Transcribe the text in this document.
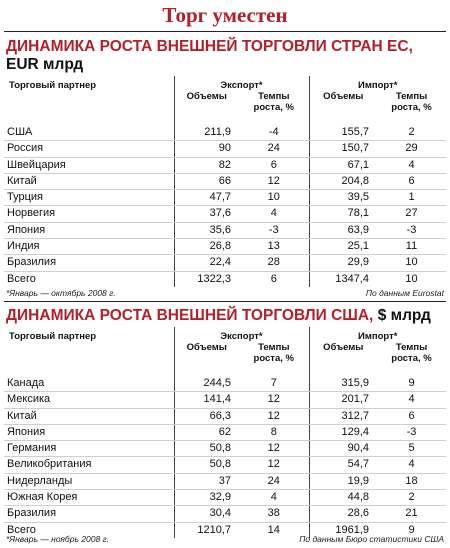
Торг уместен
ДИНАМИКА РОСТА ВНЕШНЕЙ ТОРГОВЛИ СТРАН ЕС,
EUR млрд
Торговый партнер	Экспорт*		Импорт*	
	Объемы	Темпы
роста, %	Объемы	Темпы
роста, %

США	211,9	-4	155,7	2
Россия	90	24	150,7	29
Швейцария	82	6	67,1	4
Китай	66	12	204,8	6
Турция	47,7	10	39,5	1
Норвегия	37,6	4	78,1	27
Япония	35,6	-3	63,9	-3
Индия	26,8	13	25,1	11
Бразилия	22,4	28	29,9	10
Всего	1322,3	6	1347,4	10
*Январь — октябрь 2008 г.	По данным Eurostat
ДИНАМИКА РОСТА ВНЕШНЕЙ ТОРГОВЛИ США, $ млрд
Торговый партнер	Экспорт*		Импорт*	
	Объемы	Темпы
роста, %	Объемы	Темпы
роста, %

Канада	244,5	7	315,9	9
Мексика	141,4	12	201,7	4
Китай	66,3	12	312,7	6
Япония	62	8	129,4	-3
Германия	50,8	12	90,4	5
Великобритания	50,8	12	54,7	4
Нидерланды	37	24	19,9	18
Южная Корея	32,9	4	44,8	2
Бразилия	30,4	38	28,6	21
Всего	1210,7	14	1961,9	9
*Январь — ноябрь 2008 г.	По данным Бюро статистики США
